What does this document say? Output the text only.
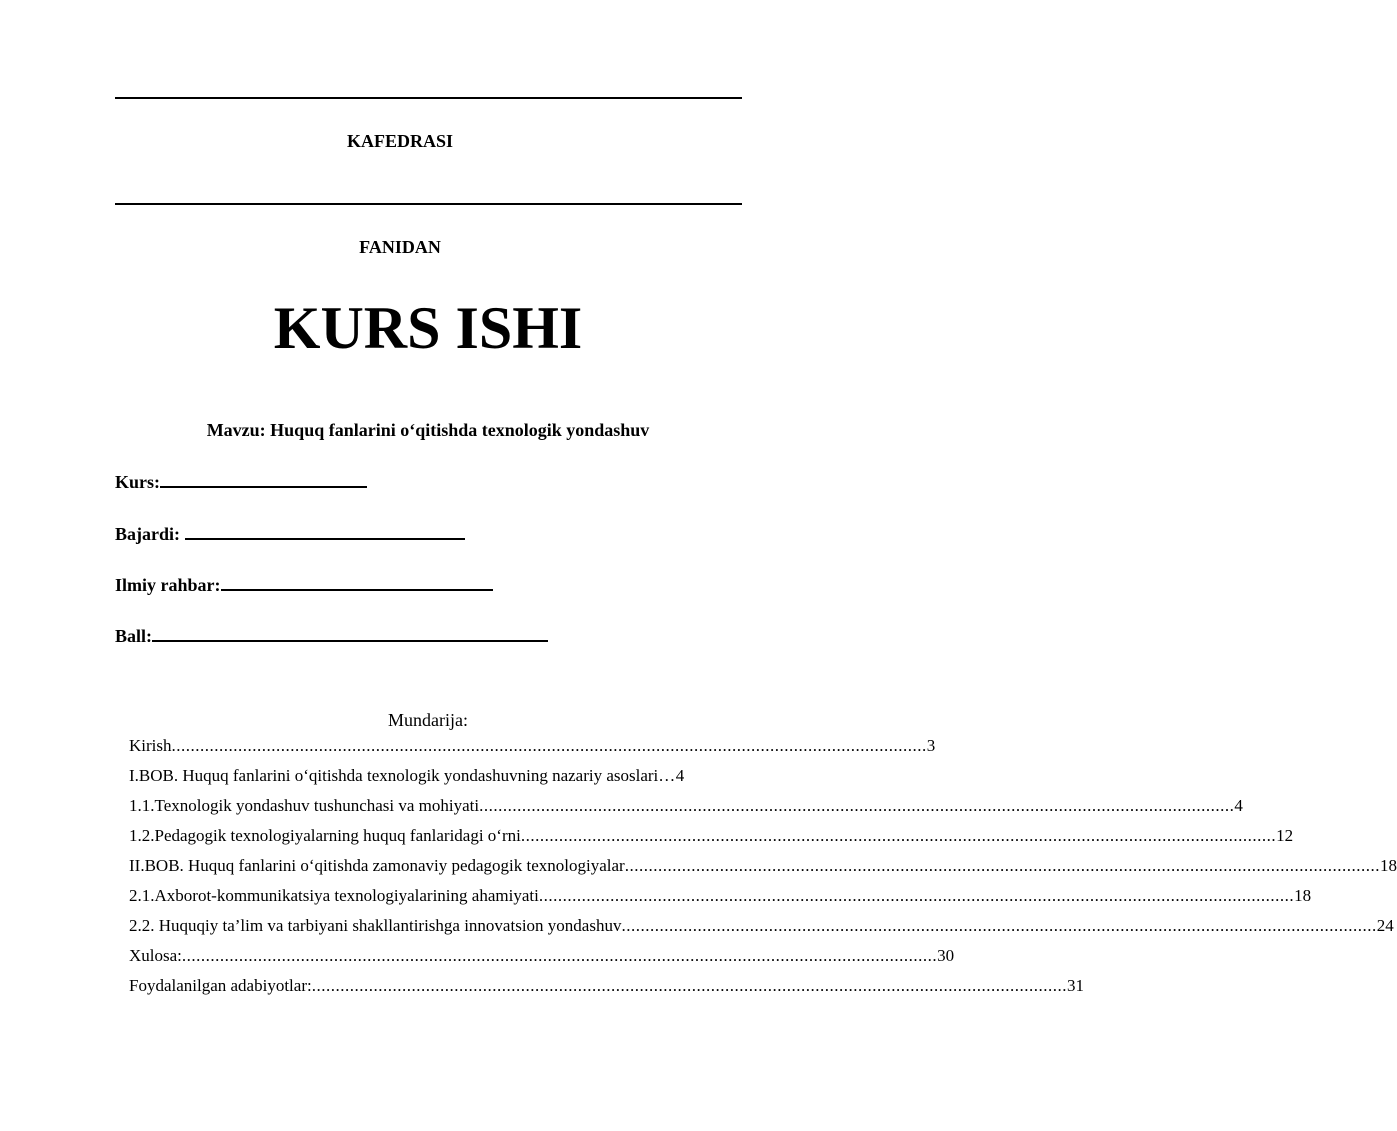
KAFEDRASI
FANIDAN
KURS ISHI
Mavzu: Huquq fanlarini o‘qitishda texnologik yondashuv
Kurs:
Bajardi:
Ilmiy rahbar:
Ball:
Mundarija:
Kirish ............................................................................................................................................................... 3
I.BOB. Huquq fanlarini o‘qitishda texnologik yondashuvning nazariy asoslari … 4
1.1.Texnologik yondashuv tushunchasi va mohiyati ............................................................................................................................................................... 4
1.2.Pedagogik texnologiyalarning huquq fanlaridagi o‘rni ............................................................................................................................................................... 12
II.BOB. Huquq fanlarini o‘qitishda zamonaviy pedagogik texnologiyalar ............................................................................................................................................................... 18
2.1.Axborot-kommunikatsiya texnologiyalarining ahamiyati ............................................................................................................................................................... 18
2.2. Huquqiy ta’lim va tarbiyani shakllantirishga innovatsion yondashuv ............................................................................................................................................................... 24
Xulosa: ............................................................................................................................................................... 30
Foydalanilgan adabiyotlar: ............................................................................................................................................................... 31
